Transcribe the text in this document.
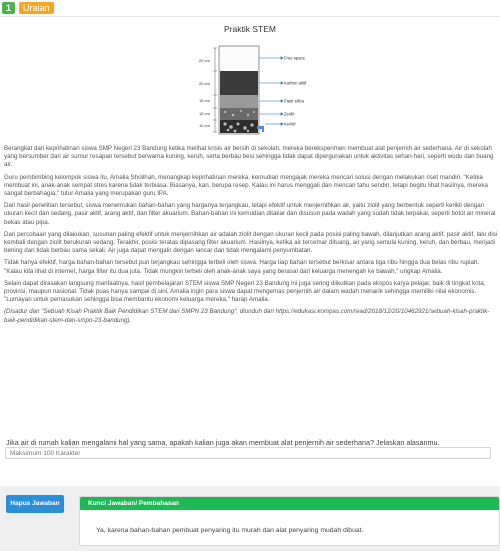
1	Uraian
Praktik STEM
20 cm
20 cm
15 cm
15 cm
10 cm
Free space
Karbon aktif
Pasir silica
Zeolit
Kerikil

Berangkat dari keprihatinan siswa SMP Negeri 23 Bandung ketika melihat krisis air bersih di sekolah, mereka bereksperimen membuat alat penjernih air sederhana. Air di sekolah yang bersumber dari air sumur resapan tersebut berwarna kuning, keruh, serta berbau besi sehingga tidak dapat dipergunakan untuk aktivitas sehari-hari, seperti wudu dan buang air.

Guru pembimbing kelompok siswa itu, Amalia Sholihah, menangkap keprihatinan mereka, kemudian mengajak mereka mencari solusi dengan melakukan riset mandiri. "Ketika membuat ini, anak-anak sempat stres karena tidak terbiasa. Biasanya, kan, berupa resep. Kalau ini harus menggali dan mencari tahu sendiri, tetapi begitu lihat hasilnya, mereka sangat berbahagia," tutur Amalia yang merupakan guru IPA.

Dari hasil penelitian tersebut, siswa menemukan bahan-bahan yang harganya terjangkau, tetapi efektif untuk menjernihkan air, yaitu ziolit yang berbentuk seperti kerikil dengan ukuran kecil dan sedang, pasir aktif, arang aktif, dan filter akuarium. Bahan-bahan ini kemudian ditakar dan disusun pada wadah yang sudah tidak terpakai, seperti botol air mineral bekas atau pipa.

Dari percobaan yang dilakukan, susunan paling efektif untuk menjernihkan air adalah ziolit dengan ukuran kecil pada posisi paling bawah, dilanjutkan arang aktif, pasir aktif, lalu disi kembali dengan ziolit berukuran sedang. Terakhir, posisi teratas dipasang filter akuarium. Hasilnya, ketika air tercemar dituang, air yang semula kuning, keruh, dan berbau, menjadi bening dan tidak berbau sama sekali. Air juga dapat mengalir dengan lancar dan tidak mengalami penyumbatan.

Tidak hanya efektif, harga bahan-bahan tersebut pun terjangkau sehingga terbeli oleh siswa. Harga tiap bahan tersebut berkisar antara tiga ribu hingga dua belas ribu rupiah. "Kalau kita lihat di internet, harga filter itu dua juta. Tidak mungkin terbeli oleh anak-anak saya yang berasal dari keluarga menengah ke bawah," ungkap Amalia.

Selain dapat dirasakan langsung manfaatnya, hasil pembelajaran STEM siswa SMP Negeri 23 Bandung ini juga sering diikutkan pada ekspos karya pelajar, baik di tingkat kota, provinsi, maupun nasional. Tidak puas hanya sampai di sini, Amalia ingin para siswa dapat mengemas penjernih air dalam wadah menarik sehingga memiliki nilai ekonomis. "Lumayan untuk pemasukan sehingga bisa membantu ekonomi keluarga mereka," harap Amalia.

(Disadur dan "Sebuah Kisah Praktik Baik Pendidikan STEM dari SMPN 23 Bandung", diunduh dari https://edukasi.kompas.com/read/2018/12/20/10462921/sebuah-kisah-praktik-baik-pendidikan-stem-dan-smpn-23-bandung).

Jika air di rumah kalian mengalami hal yang sama, apakah kalian juga akan membuat alat penjernih air sederhana? Jelaskan alasanmu.
Maksimum 100 Karakter
Hapus Jawaban	Kunci Jawaban/ Pembahasan
Ya, karena bahan-bahan pembuat penyaring itu murah dan alat penyaring mudah dibuat.
